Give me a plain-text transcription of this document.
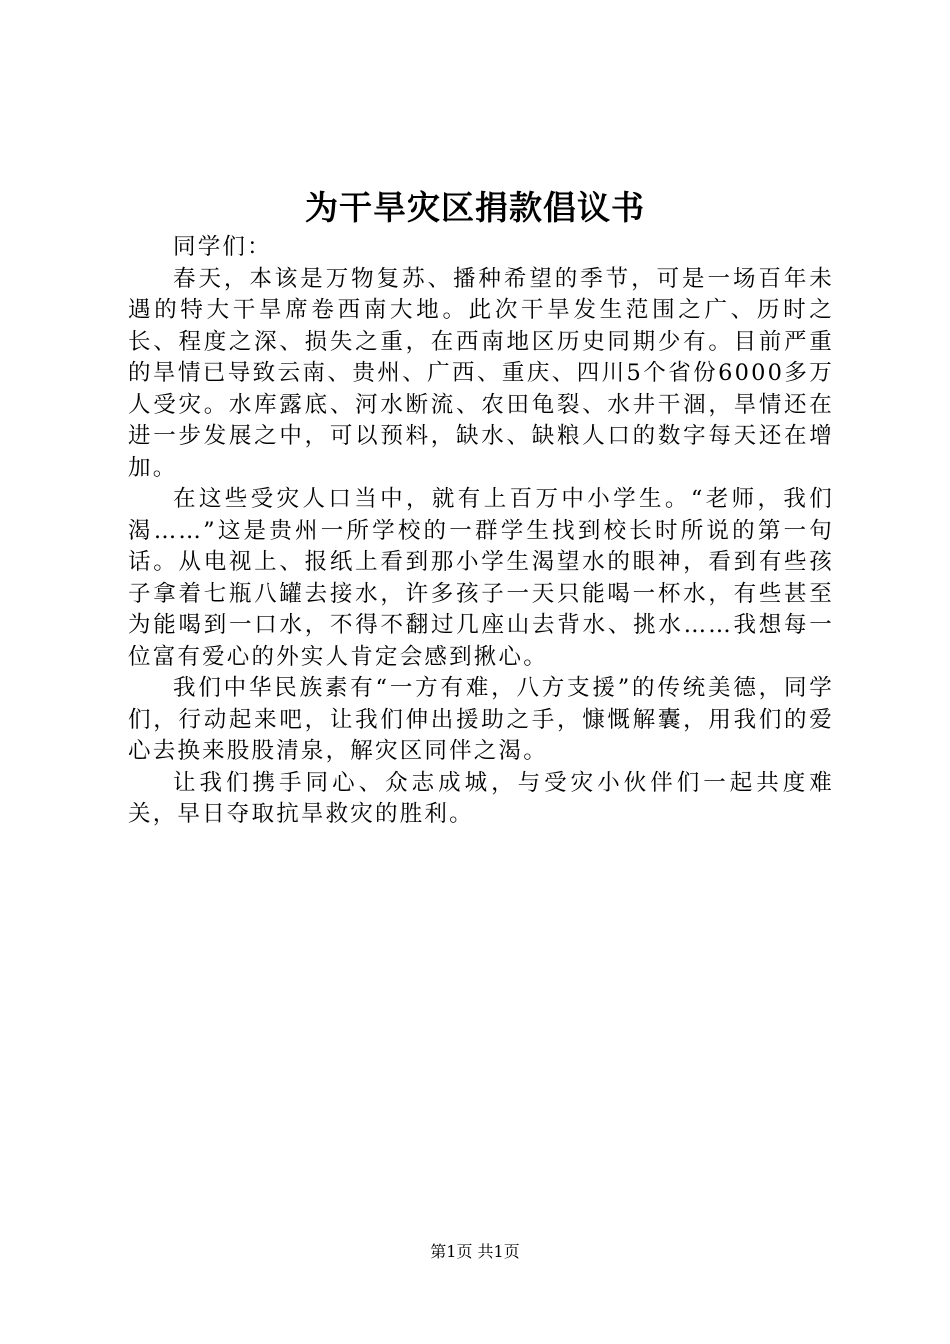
为干旱灾区捐款倡议书

同学们：

春天，本该是万物复苏、播种希望的季节，可是一场百年未遇的特大干旱席卷西南大地。此次干旱发生范围之广、历时之长、程度之深、损失之重，在西南地区历史同期少有。目前严重的旱情已导致云南、贵州、广西、重庆、四川5个省份6000多万人受灾。水库露底、河水断流、农田龟裂、水井干涸，旱情还在进一步发展之中，可以预料，缺水、缺粮人口的数字每天还在增加。

在这些受灾人口当中，就有上百万中小学生。“老师，我们渴……”这是贵州一所学校的一群学生找到校长时所说的第一句话。从电视上、报纸上看到那小学生渴望水的眼神，看到有些孩子拿着七瓶八罐去接水，许多孩子一天只能喝一杯水，有些甚至为能喝到一口水，不得不翻过几座山去背水、挑水……我想每一位富有爱心的外实人肯定会感到揪心。

我们中华民族素有“一方有难，八方支援”的传统美德，同学们，行动起来吧，让我们伸出援助之手，慷慨解囊，用我们的爱心去换来股股清泉，解灾区同伴之渴。

让我们携手同心、众志成城，与受灾小伙伴们一起共度难关，早日夺取抗旱救灾的胜利。

第1页 共1页
